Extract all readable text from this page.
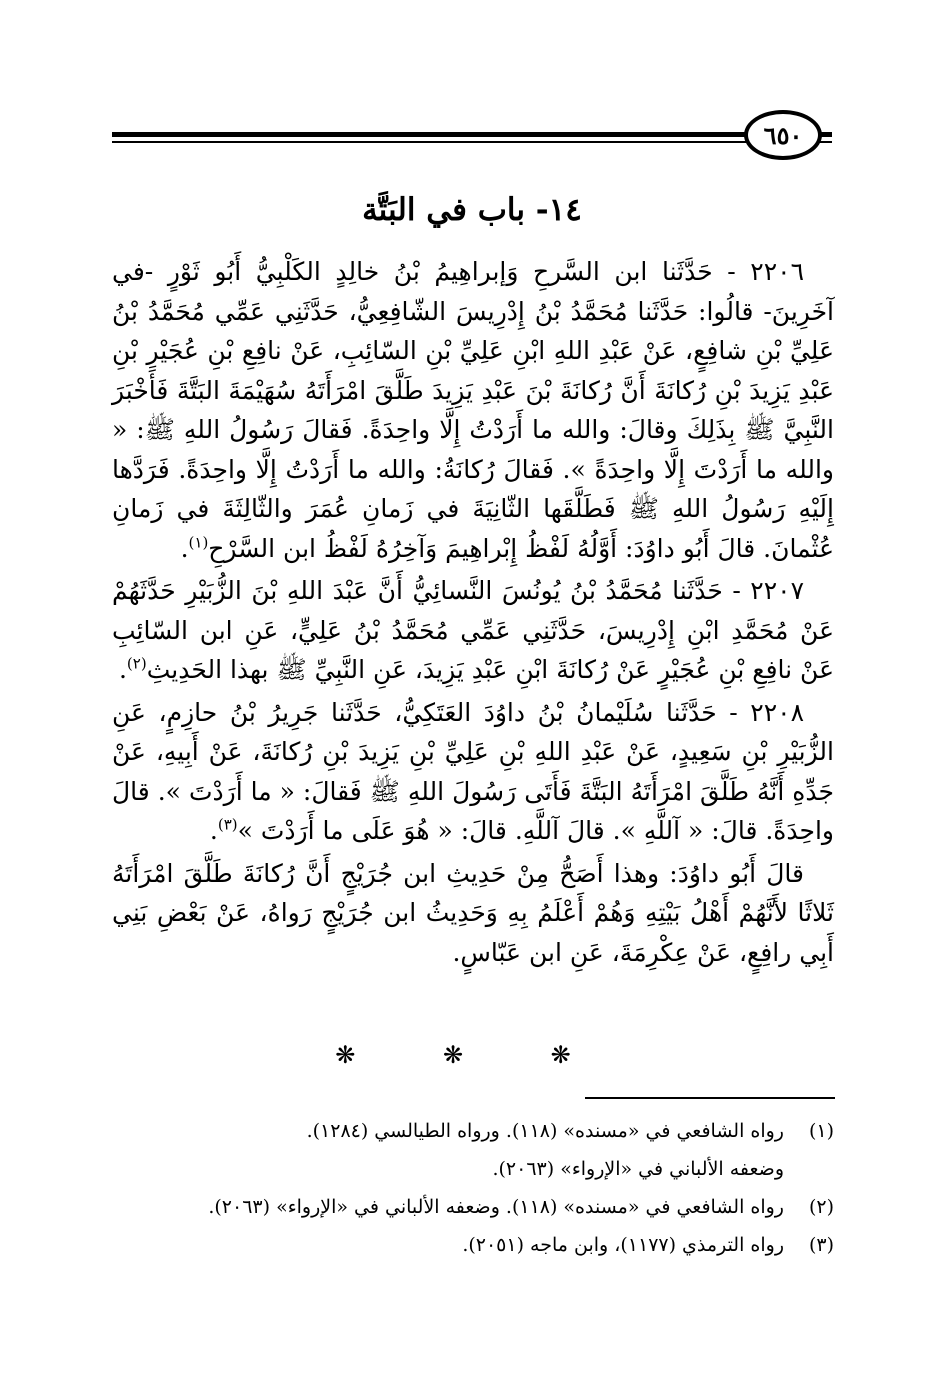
٦٥٠
١٤- باب في البَتَّة

٢٢٠٦ - حَدَّثَنا ابن السَّرحِ وَإبراهِيمُ بْنُ خالِدٍ الكَلْبِيُّ أَبُو ثَوْرٍ -في آخَرِينَ- قالُوا: حَدَّثَنا مُحَمَّدُ بْنُ إِدْرِيسَ الشّافِعِيُّ، حَدَّثَنِي عَمِّي مُحَمَّدُ بْنُ عَلِيِّ بْنِ شافِعٍ، عَنْ عَبْدِ اللهِ ابْنِ عَلِيِّ بْنِ السّائِبِ، عَنْ نافِعِ بْنِ عُجَيْرِ بْنِ عَبْدِ يَزِيدَ بْنِ رُكانَةَ أَنَّ رُكانَةَ بْنَ عَبْدِ يَزِيدَ طَلَّقَ امْرَأَتَهُ سُهَيْمَةَ البَتَّةَ فَأَخْبَرَ النَّبِيَّ ﷺ بِذَلِكَ وقالَ: والله ما أَرَدْتُ إِلَّا واحِدَةً. فَقالَ رَسُولُ اللهِ ﷺ: « والله ما أَرَدْتَ إِلَّا واحِدَةً ». فَقالَ رُكانَةُ: والله ما أَرَدْتُ إِلَّا واحِدَةً. فَرَدَّها إِلَيْهِ رَسُولُ اللهِ ﷺ فَطَلَّقَها الثّانِيَةَ في زَمانِ عُمَرَ والثّالِثَةَ في زَمانِ عُثْمانَ. قالَ أَبُو داوُدَ: أَوَّلُهُ لَفْظُ إِبْراهِيمَ وَآخِرُهُ لَفْظُ ابن السَّرْحِ$^{(١)}$.

٢٢٠٧ - حَدَّثَنا مُحَمَّدُ بْنُ يُونُسَ النَّسائِيُّ أَنَّ عَبْدَ اللهِ بْنَ الزُّبَيْرِ حَدَّثَهُمْ عَنْ مُحَمَّدِ ابْنِ إِدْرِيسَ، حَدَّثَنِي عَمِّي مُحَمَّدُ بْنُ عَلِيٍّ، عَنِ ابن السّائِبِ عَنْ نافِعِ بْنِ عُجَيْرٍ عَنْ رُكانَةَ ابْنِ عَبْدِ يَزِيدَ، عَنِ النَّبِيِّ ﷺ بهذا الحَدِيثِ$^{(٢)}$.

٢٢٠٨ - حَدَّثَنا سُلَيْمانُ بْنُ داوُدَ العَتَكِيُّ، حَدَّثَنا جَرِيرُ بْنُ حازِمٍ، عَنِ الزُّبَيْرِ بْنِ سَعِيدٍ، عَنْ عَبْدِ اللهِ بْنِ عَلِيِّ بْنِ يَزِيدَ بْنِ رُكانَةَ، عَنْ أَبِيهِ، عَنْ جَدِّهِ أَنَّهُ طَلَّقَ امْرَأَتَهُ البَتَّةَ فَأَتَى رَسُولَ اللهِ ﷺ فَقالَ: « ما أَرَدْتَ ». قالَ واحِدَةً. قالَ: « آللَّهِ ». قالَ آللَّهِ. قالَ: « هُوَ عَلَى ما أَرَدْتَ »$^{(٣)}$.

قالَ أَبُو داوُدَ: وهذا أَصَحُّ مِنْ حَدِيثِ ابن جُرَيْجٍ أَنَّ رُكانَةَ طَلَّقَ امْرَأَتَهُ ثَلاثًا لأَنَّهُمْ أَهْلُ بَيْتِهِ وَهُمْ أَعْلَمُ بِهِ وَحَدِيثُ ابن جُرَيْجٍ رَواهُ، عَنْ بَعْضِ بَنِي أَبِي رافِعٍ، عَنْ عِكْرِمَةَ، عَنِ ابن عَبّاسٍ.

❋ ❋ ❋
(١)
رواه الشافعي في «مسنده» (١١٨). ورواه الطيالسي (١٢٨٤).
وضعفه الألباني في «الإرواء» (٢٠٦٣).
(٢)
رواه الشافعي في «مسنده» (١١٨). وضعفه الألباني في «الإرواء» (٢٠٦٣).
(٣)
رواه الترمذي (١١٧٧)، وابن ماجه (٢٠٥١).
